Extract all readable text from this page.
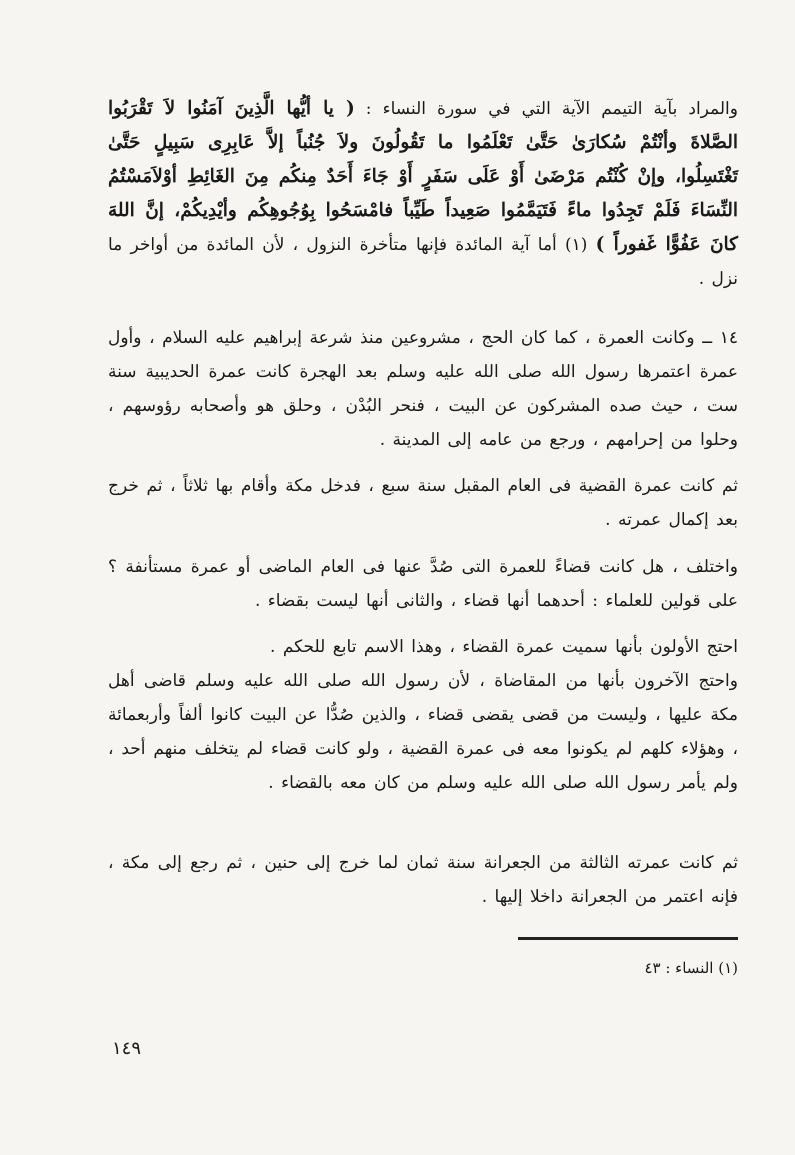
والمراد بآية التيمم الآية التي في سورة النساء : ( يا أيُّها الَّذِينَ آمَنُوا لاَ تَقْرَبُوا الصَّلاةَ وأنْتُمْ سُكارَىٰ حَتَّىٰ تَعْلَمُوا ما تَقُولُونَ ولاَ جُنُباً إلاَّ عَابِرِى سَبِيلٍ حَتَّىٰ تَغْتَسِلُوا، وإنْ كُنْتُم مَرْضَىٰ أَوْ عَلَى سَفَرٍ أَوْ جَاءَ أَحَدٌ مِنكُم مِنَ الغَائِطِ أوْلاَمَسْتُمُ النِّسَاءَ فَلَمْ تَجِدُوا ماءً فَتَيَمَّمُوا صَعِيداً طَيِّباً فامْسَحُوا بِوُجُوهِكُم وأيْدِيكُمْ، إنَّ اللهَ كانَ عَفُوًّا غَفوراً ) (١) أما آية المائدة فإنها متأخرة النزول ، لأن المائدة من أواخر ما نزل .

١٤ ــ وكانت العمرة ، كما كان الحج ، مشروعين منذ شرعة إبراهيم عليه السلام ، وأول عمرة اعتمرها رسول الله صلى الله عليه وسلم بعد الهجرة كانت عمرة الحديبية سنة ست ، حيث صده المشركون عن البيت ، فنحر البُدْن ، وحلق هو وأصحابه رؤوسهم ، وحلوا من إحرامهم ، ورجع من عامه إلى المدينة .

ثم كانت عمرة القضية فى العام المقبل سنة سبع ، فدخل مكة وأقام بها ثلاثاً ، ثم خرج بعد إكمال عمرته .

واختلف ، هل كانت قضاءً للعمرة التى صُدَّ عنها فى العام الماضى أو عمرة مستأنفة ؟ على قولين للعلماء : أحدهما أنها قضاء ، والثانى أنها ليست بقضاء .

احتج الأولون بأنها سميت عمرة القضاء ، وهذا الاسم تابع للحكم .

واحتج الآخرون بأنها من المقاضاة ، لأن رسول الله صلى الله عليه وسلم قاضى أهل مكة عليها ، وليست من قضى يقضى قضاء ، والذين صُدُّا عن البيت كانوا ألفاً وأربعمائة ، وهؤلاء كلهم لم يكونوا معه فى عمرة القضية ، ولو كانت قضاء لم يتخلف منهم أحد ، ولم يأمر رسول الله صلى الله عليه وسلم من كان معه بالقضاء .

ثم كانت عمرته الثالثة من الجعرانة سنة ثمان لما خرج إلى حنين ، ثم رجع إلى مكة ، فإنه اعتمر من الجعرانة داخلا إليها .

(١) النساء : ٤٣
١٤٩
